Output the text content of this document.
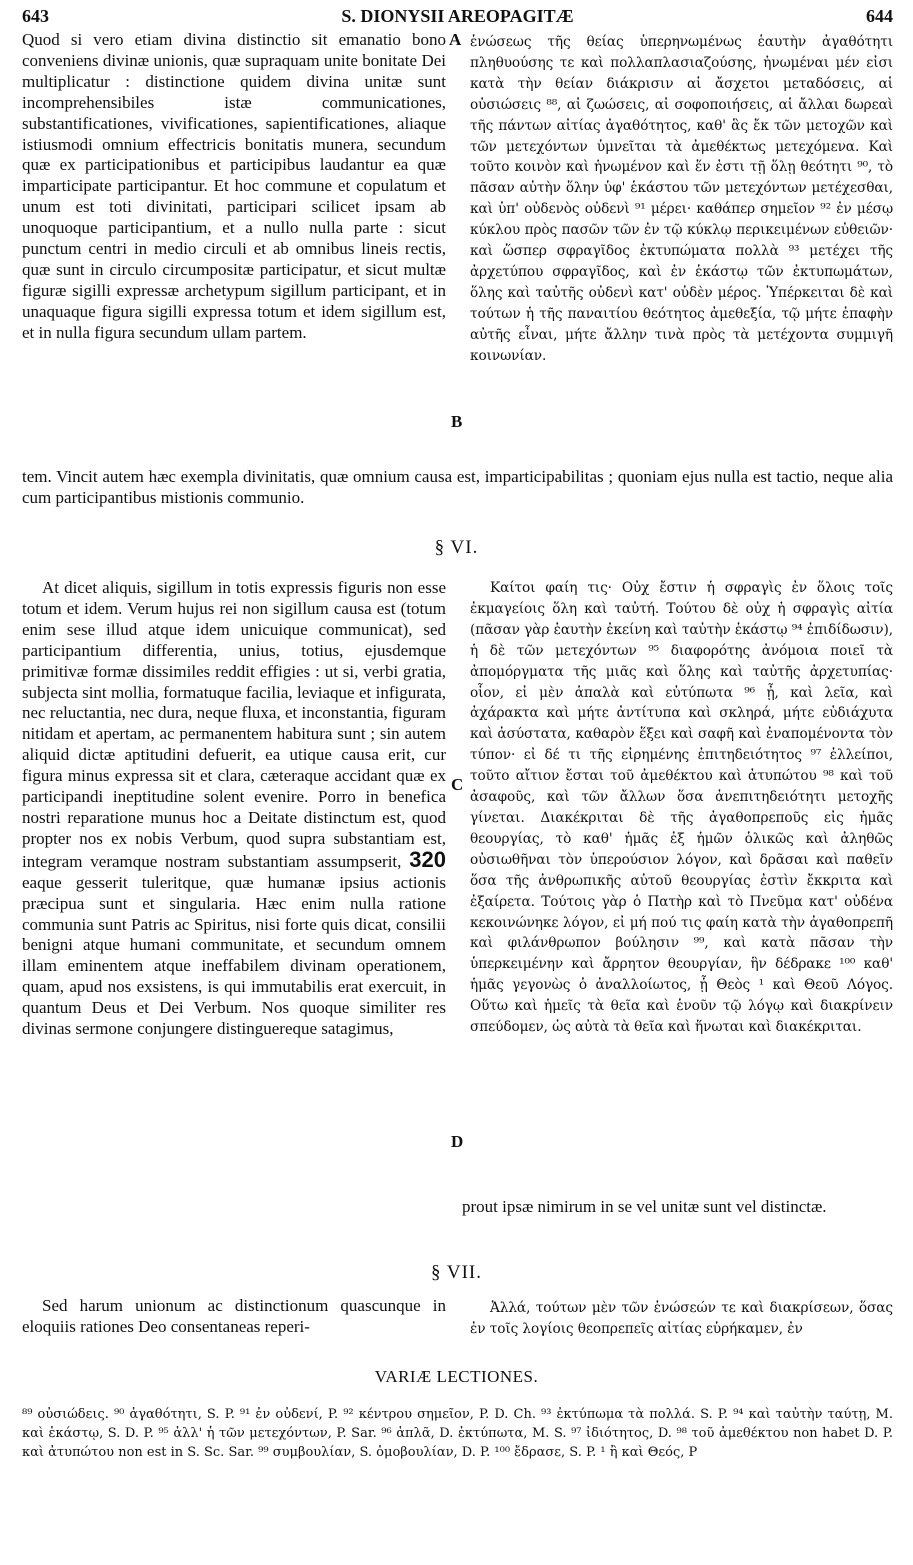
643	S. DIONYSII AREOPAGITÆ	644
Quod si vero etiam divina distinctio sit emanatio bono conveniens divinæ unionis, quæ supraquam unite bonitate Dei multiplicatur : distinctione quidem divina unitæ sunt incomprehensibiles istæ communicationes, substantificationes, vivificationes, sapientificationes, aliaque istiusmodi omnium effectricis bonitatis munera, secundum quæ ex participationibus et participibus laudantur ea quæ imparticipate participantur. Et hoc commune et copulatum et unum est toti divinitati, participari scilicet ipsam ab unoquoque participantium, et a nullo nulla parte : sicut punctum centri in medio circuli et ab omnibus lineis rectis, quæ sunt in circulo circumpositæ participatur, et sicut multæ figuræ sigilli expressæ archetypum sigillum participant, et in unaquaque figura sigilli expressa totum et idem sigillum est, et in nulla figura secundum ullam partem.
A ἑνώσεως τῆς θείας ὑπερηνωμένως ἑαυτὴν ἀγαθότητι πληθυούσης τε καὶ πολλαπλασιαζούσης, ἡνωμέναι μέν εἰσι κατὰ τὴν θείαν διάκρισιν αἱ ἄσχετοι μεταδόσεις, αἱ οὐσιώσεις ⁸⁸, αἱ ζωώσεις, αἱ σοφοποιήσεις, αἱ ἄλλαι δωρεαὶ τῆς πάντων αἰτίας ἀγαθότητος, καθ' ἃς ἔκ τῶν μετοχῶν καὶ τῶν μετεχόντων ὑμνεῖται τὰ ἀμεθέκτως μετεχόμενα. Καὶ τοῦτο κοινὸν καὶ ἡνωμένον καὶ ἕν ἐστι τῇ ὅλῃ θεότητι ⁹⁰, τὸ πᾶσαν αὐτὴν ὅλην ὑφ' ἑκάστου τῶν μετεχόντων μετέχεσθαι, καὶ ὑπ' οὐδενὸς οὐδενὶ ⁹¹ μέρει· καθάπερ σημεῖον ⁹² ἐν μέσῳ κύκλου πρὸς πασῶν τῶν ἐν τῷ κύκλῳ περικειμένων εὐθειῶν· καὶ ὥσπερ σφραγῖδος ἐκτυπώματα πολλὰ ⁹³ μετέχει τῆς ἀρχετύπου σφραγῖδος, καὶ ἐν ἑκάστῳ τῶν ἐκτυπωμάτων, ὅλης καὶ ταὐτῆς οὐδενὶ κατ' οὐδὲν μέρος. Ὑπέρκειται δὲ καὶ τούτων ἡ τῆς παναιτίου θεότητος ἀμεθεξία, τῷ μήτε ἐπαφὴν αὐτῆς εἶναι, μήτε ἄλλην τινὰ πρὸς τὰ μετέχοντα συμμιγῆ κοινωνίαν.
B
tem. Vincit autem hæc exempla divinitatis, quæ omnium causa est, imparticipabilitas ; quoniam ejus nulla est tactio, neque alia cum participantibus mistionis communio.
§ VI.
At dicet aliquis, sigillum in totis expressis figuris non esse totum et idem. Verum hujus rei non sigillum causa est (totum enim sese illud atque idem unicuique communicat), sed participantium differentia, unius, totius, ejusdemque primitivæ formæ dissimiles reddit effigies : ut si, verbi gratia, subjecta sint mollia, formatuque facilia, leviaque et infigurata, nec reluctantia, nec dura, neque fluxa, et inconstantia, figuram nitidam et apertam, ac permanentem habitura sunt ; sin autem aliquid dictæ aptitudini defuerit, ea utique causa erit, cur figura minus expressa sit et clara, cæteraque accidant quæ ex participandi ineptitudine solent evenire. Porro in benefica nostri reparatione munus hoc a Deitate distinctum est, quod propter nos ex nobis Verbum, quod supra substantiam est, integram veramque nostram substantiam assumpserit, 320 eaque gesserit tuleritque, quæ humanæ ipsius actionis præcipua sunt et singularia. Hæc enim nulla ratione communia sunt Patris ac Spiritus, nisi forte quis dicat, consilii benigni atque humani communitate, et secundum omnem illam eminentem atque ineffabilem divinam operationem, quam, apud nos exsistens, is qui immutabilis erat exercuit, in quantum Deus et Dei Verbum. Nos quoque similiter res divinas sermone conjungere distinguereque satagimus,
Καίτοι φαίη τις· Οὐχ ἔστιν ἡ σφραγὶς ἐν ὅλοις τοῖς ἐκμαγείοις ὅλη καὶ ταὐτή. Τούτου δὲ οὐχ ἡ σφραγὶς αἰτία (πᾶσαν γὰρ ἑαυτὴν ἐκείνη καὶ ταὐτὴν ἑκάστῳ ⁹⁴ ἐπιδίδωσιν), ἡ δὲ τῶν μετεχόντων ⁹⁵ διαφορότης ἀνόμοια ποιεῖ τὰ ἀπομόργματα τῆς μιᾶς καὶ ὅλης καὶ ταὐτῆς ἀρχετυπίας· οἷον, εἰ μὲν ἁπαλὰ καὶ εὐτύπωτα ⁹⁶ ᾖ, καὶ λεῖα, καὶ ἀχάρακτα καὶ μήτε ἀντίτυπα καὶ σκληρά, μήτε εὐδιάχυτα καὶ ἀσύστατα, καθαρὸν ἕξει καὶ σαφῆ καὶ ἐναπομένοντα τὸν τύπον· εἰ δέ τι τῆς εἰρημένης ἐπιτηδειότητος ⁹⁷ ἐλλείποι, τοῦτο αἴτιον ἔσται τοῦ ἀμεθέκτου καὶ ἀτυπώτου ⁹⁸ καὶ τοῦ ἀσαφοῦς, καὶ τῶν ἄλλων ὅσα ἀνεπιτηδειότητι μετοχῆς γίνεται. Διακέκριται δὲ τῆς ἀγαθοπρεποῦς εἰς ἡμᾶς θεουργίας, τὸ καθ' ἡμᾶς ἐξ ἡμῶν ὁλικῶς καὶ ἀληθῶς οὐσιωθῆναι τὸν ὑπερούσιον λόγον, καὶ δρᾶσαι καὶ παθεῖν ὅσα τῆς ἀνθρωπικῆς αὐτοῦ θεουργίας ἐστὶν ἔκκριτα καὶ ἐξαίρετα. Τούτοις γὰρ ὁ Πατὴρ καὶ τὸ Πνεῦμα κατ' οὐδένα κεκοινώνηκε λόγον, εἰ μή πού τις φαίη κατὰ τὴν ἀγαθοπρεπῆ καὶ φιλάνθρωπον βούλησιν ⁹⁹, καὶ κατὰ πᾶσαν τὴν ὑπερκειμένην καὶ ἄρρητον θεουργίαν, ἣν δέδρακε ¹⁰⁰ καθ' ἡμᾶς γεγονὼς ὁ ἀναλλοίωτος, ᾗ Θεὸς ¹ καὶ Θεοῦ Λόγος. Οὕτω καὶ ἡμεῖς τὰ θεῖα καὶ ἑνοῦν τῷ λόγῳ καὶ διακρίνειν σπεύδομεν, ὡς αὐτὰ τὰ θεῖα καὶ ἥνωται καὶ διακέκριται.
C
D
prout ipsæ nimirum in se vel unitæ sunt vel distinctæ.
§ VII.
Sed harum unionum ac distinctionum quascunque in eloquiis rationes Deo consentaneas reperi-
Ἀλλά, τούτων μὲν τῶν ἑνώσεών τε καὶ διακρίσεων, ὅσας ἐν τοῖς λογίοις θεοπρεπεῖς αἰτίας εὑρήκαμεν, ἐν
VARIÆ LECTIONES.
⁸⁹ οὐσιώδεις. ⁹⁰ ἀγαθότητι, S. P. ⁹¹ ἐν οὐδενί, P. ⁹² κέντρου σημεῖον, P. D. Ch. ⁹³ ἐκτύπωμα τὰ πολλά. S. P. ⁹⁴ καὶ ταὐτὴν ταύτῃ, M. καὶ ἑκάστῳ, S. D. P. ⁹⁵ ἀλλ' ἡ τῶν μετεχόντων, P. Sar. ⁹⁶ ἁπλᾶ, D. ἐκτύπωτα, M. S. ⁹⁷ ἰδιότητος, D. ⁹⁸ τοῦ ἀμεθέκτου non habet D. P. καὶ ἀτυπώτου non est in S. Sc. Sar. ⁹⁹ συμβουλίαν, S. ὁμοβουλίαν, D. P. ¹⁰⁰ ἔδρασε, S. P. ¹ ἢ καὶ Θεός, P
